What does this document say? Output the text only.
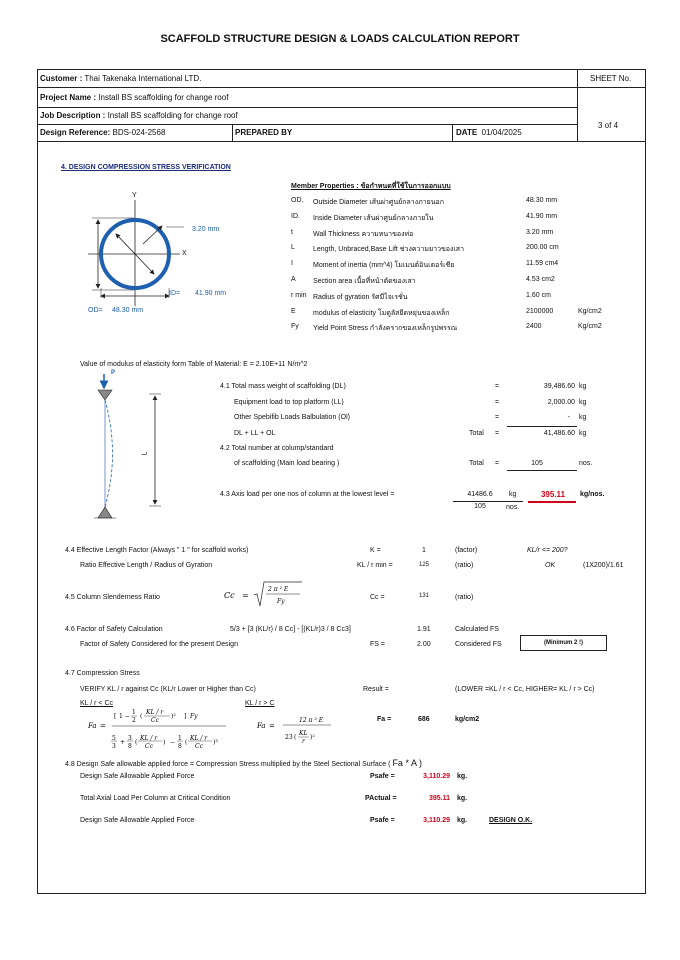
SCAFFOLD STRUCTURE DESIGN & LOADS CALCULATION REPORT
Customer : Thai Takenaka International LTD.	SHEET No.
Project Name : Install BS scaffolding for change roof
Job Description : Install BS scaffolding for change roof
3 of 4
Design Reference: BDS-024-2568	PREPARED BY	DATE 01/04/2025
4. DESIGN COMPRESSION STRESS VERIFICATION
Y
X
3.20 mm
ID= 41.90 mm
OD= 48.30 mm
Member Properties : ข้อกำหนดที่ใช้ในการออกแบบ
OD. Outside Diameter เส้นผ่าศูนย์กลางภายนอก	48.30 mm
ID. Inside Diameter เส้นผ่าศูนย์กลางภายใน	41.90 mm
t	Wall Thickness ความหนาของท่อ	3.20 mm
L	Length, Unbraced,Base Lift ช่วงความยาวของเสา	200.00 cm
I	Moment of inertia (mm^4) โมเมนต์อินเตอร์เชีย	11.59 cm4
A Section area เนื้อที่หน้าตัดของเสา	4.53 cm2
r min Radius of gyration รัศมีไจเรชั่น	1.60 cm
E modulus of elasticity โมดูลัสยืดหยุ่นของเหล็ก	2100000	Kg/cm2
Fy Yield Point Stress กำลังครากของเหล็กรูปพรรณ	2400	Kg/cm2
Value of modulus of elasticity form Table of Material: E = 2.10E+11 N/m^2
P
L
4.1 Total mass weight of scaffolding (DL)	=	39,486.60 kg
Equipment load to top platform (LL)	=	2,000.00 kg
Other Spebifib Loads Balbulation (Ol)	=	- kg
DL + LL + OL	Total =	41,486.60 kg
4.2 Total number at colump/standard
of scaffolding (Main load bearing )	Total =	105	nos.
4.3 Axis load per one nos of column at the lowest level =	41486.6	kg
105	nos.
395.11	kg/nos.
4.4 Effective Length Factor (Always " 1 " for scaffold works)	K =	1	(factor)	KL/r <= 200?
Ratio Effective Length / Radius of Gyration	KL / r min =	125	(ratio)	OK	(1X200)/1.61
4.5 Column Slenderness Ratio	Cc =
2 π ² E
Fy
Cc =	131	(ratio)
4.6 Factor of Safety Calculation	5/3 + [3 (KL/r) / 8 Cc] - [(KL/r)3 / 8 Cc3]	1.91	Calculated FS
Factor of Safety Considered for the present Design	FS =	2.00	Considered FS	(Minimum 2 !)
4.7 Compression Stress
VERIFY KL / r against Cc (KL/r Lower or Higher than Cc)	Result =	(LOWER =KL / r < Cc, HIGHER= KL / r > Cc)
KL / r < Cc	KL / r > C
Fa =
[ 1 −
1
2
(
KL / r
Cc
)² ] Fy
5
3
+
3
8
(
KL / r
Cc
) −
1
8
(
KL / r
Cc
)³
Fa =
12 π ² E
23 (
KL
r
)²
Fa =	686	kg/cm2
4.8 Design Safe allowable applied force = Compression Stress multiplied by the Steel Sectional Surface ( Fa * A )
Design Safe Allowable Applied Force	Psafe =	3,110.29 kg.
Total Axial Load Per Column at Critical Condition	PActual =	395.11 kg.
Design Safe Allowable Applied Force	Psafe =	3,110.29 kg.	DESIGN O.K.
